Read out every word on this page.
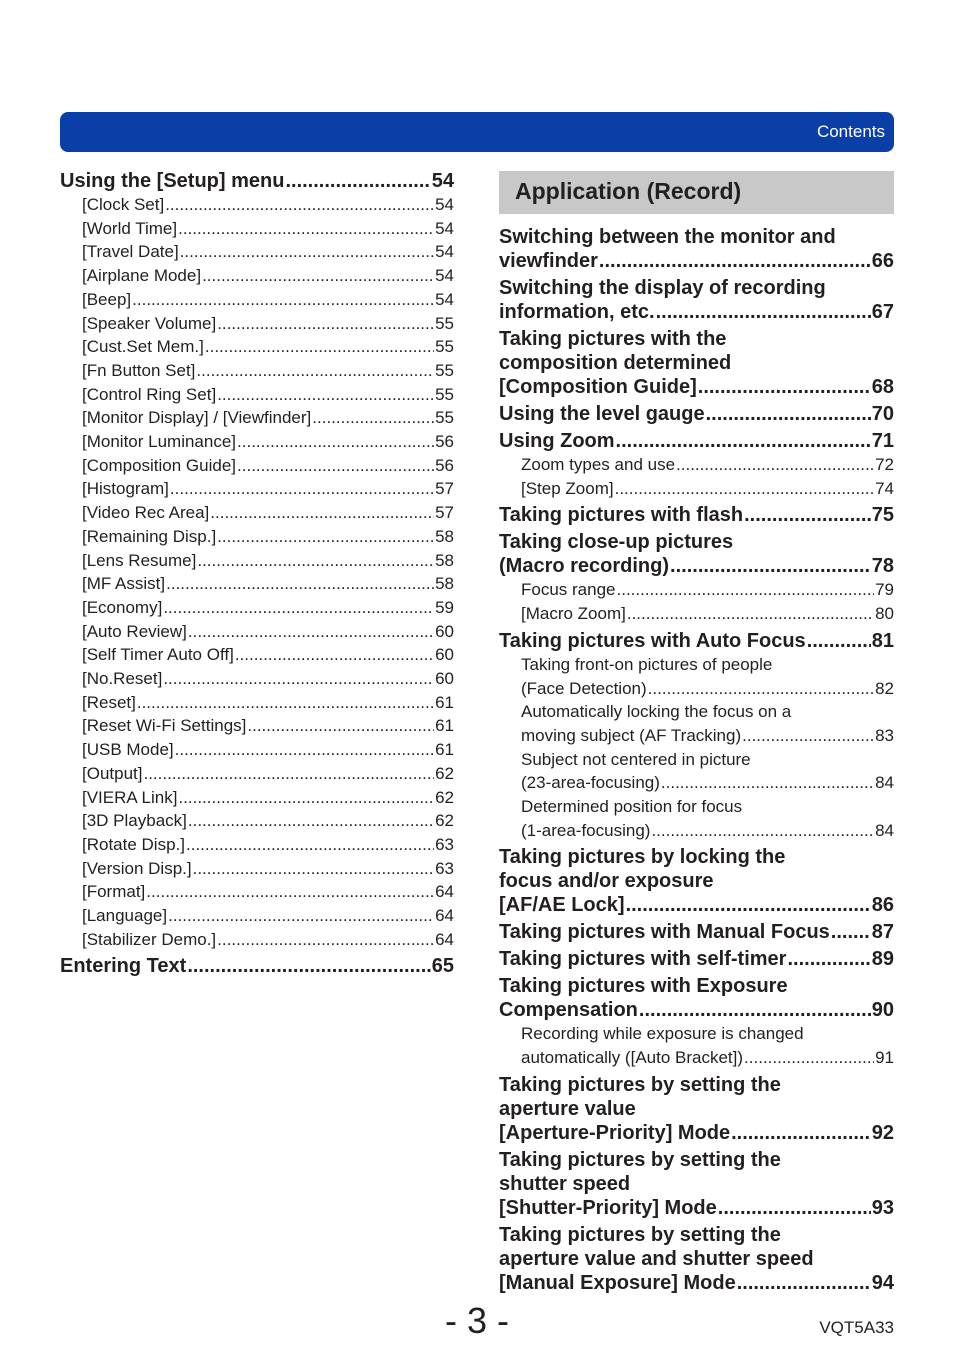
Contents
Using the [Setup] menu .....	54
[Clock Set] .....	54
[World Time] .....	54
[Travel Date] .....	54
[Airplane Mode] .....	54
[Beep] .....	54
[Speaker Volume] .....	55
[Cust.Set Mem.] .....	55
[Fn Button Set] .....	55
[Control Ring Set] .....	55
[Monitor Display] / [Viewfinder] .....	55
[Monitor Luminance] .....	56
[Composition Guide] .....	56
[Histogram] .....	57
[Video Rec Area] .....	57
[Remaining Disp.] .....	58
[Lens Resume] .....	58
[MF Assist] .....	58
[Economy] .....	59
[Auto Review] .....	60
[Self Timer Auto Off] .....	60
[No.Reset] .....	60
[Reset] .....	61
[Reset Wi-Fi Settings] .....	61
[USB Mode] .....	61
[Output] .....	62
[VIERA Link] .....	62
[3D Playback] .....	62
[Rotate Disp.] .....	63
[Version Disp.] .....	63
[Format] .....	64
[Language] .....	64
[Stabilizer Demo.] .....	64
Entering Text .....	65
Application (Record)
Switching between the monitor and
viewfinder .....	66
Switching the display of recording
information, etc. .....	67
Taking pictures with the
composition determined
[Composition Guide] .....	68
Using the level gauge .....	70
Using Zoom .....	71
Zoom types and use .....	72
[Step Zoom] .....	74
Taking pictures with flash .....	75
Taking close-up pictures
(Macro recording) .....	78
Focus range .....	79
[Macro Zoom] .....	80
Taking pictures with Auto Focus .....	81
Taking front-on pictures of people
(Face Detection) .....	82
Automatically locking the focus on a
moving subject (AF Tracking) .....	83
Subject not centered in picture
(23-area-focusing) .....	84
Determined position for focus
(1-area-focusing) .....	84
Taking pictures by locking the
focus and/or exposure
[AF/AE Lock] .....	86
Taking pictures with Manual Focus ..... 87
Taking pictures with self-timer .....	89
Taking pictures with Exposure
Compensation .....	90
Recording while exposure is changed
automatically ([Auto Bracket]) .....	91
Taking pictures by setting the
aperture value
[Aperture-Priority] Mode .....	92
Taking pictures by setting the
shutter speed
[Shutter-Priority] Mode .....	93
Taking pictures by setting the
aperture value and shutter speed
[Manual Exposure] Mode .....	94
- 3 -	VQT5A33
